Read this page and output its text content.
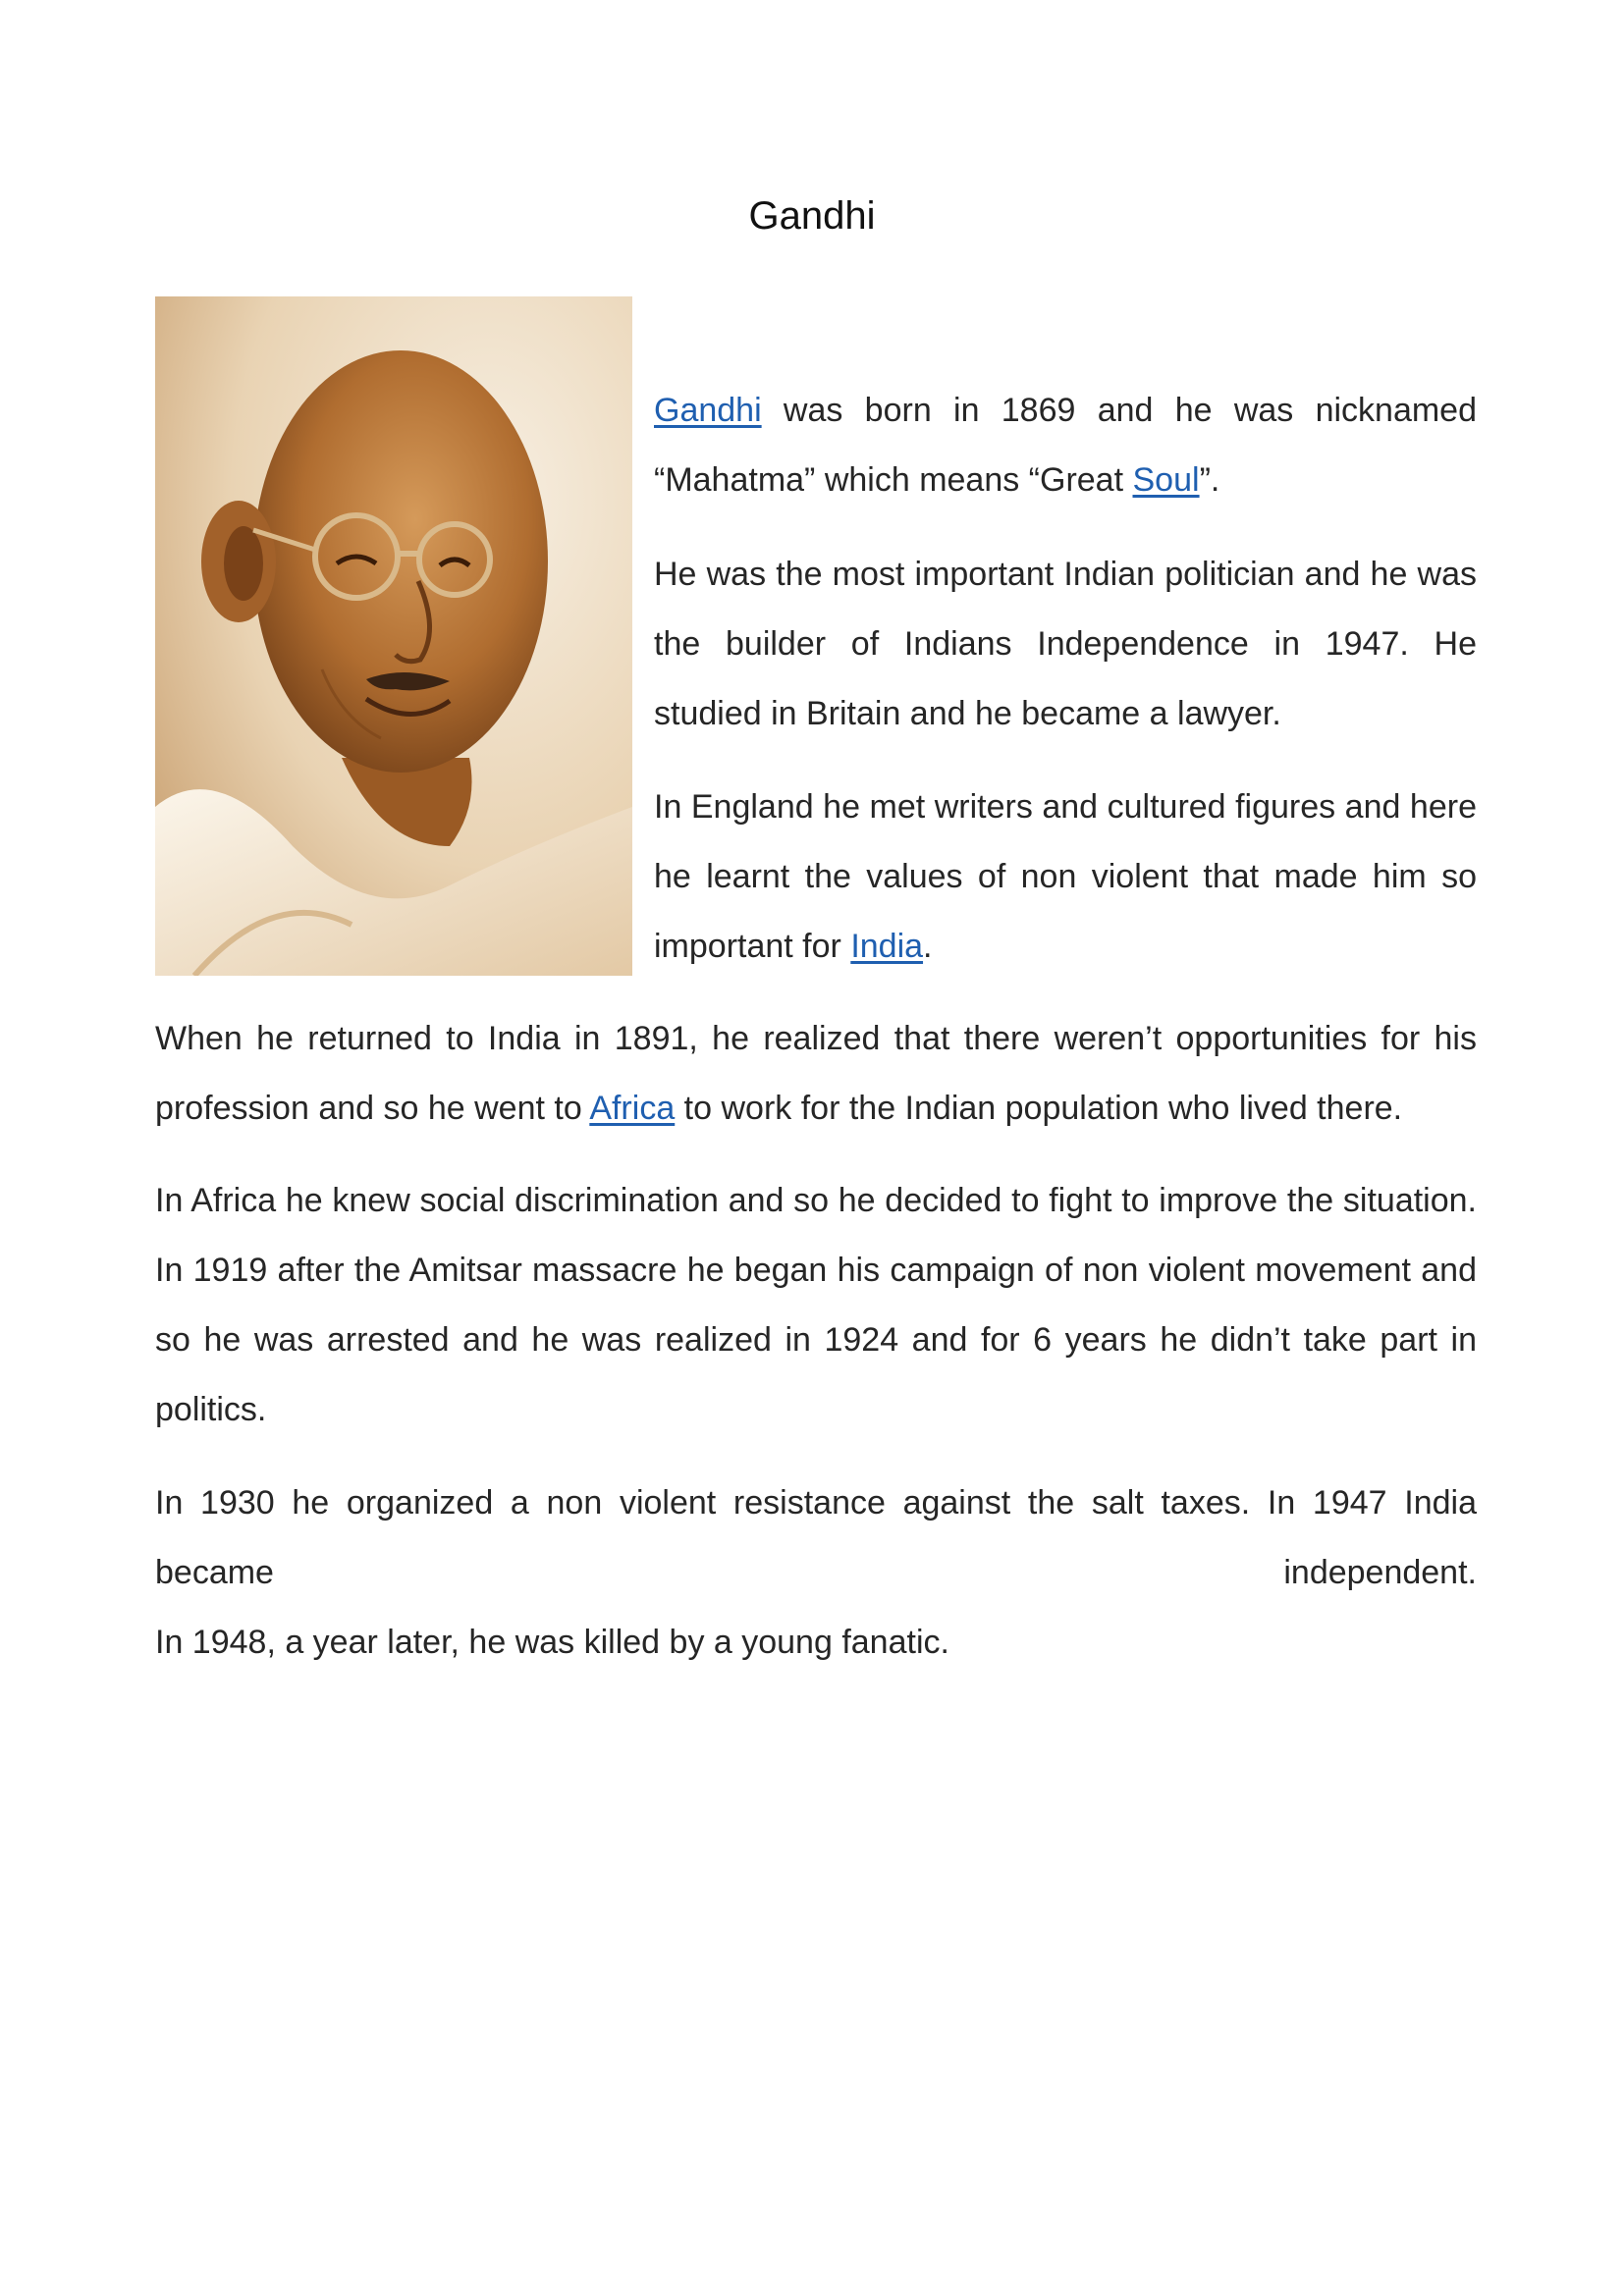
Gandhi

Gandhi was born in 1869 and he was nicknamed “Mahatma” which means “Great Soul”.

He was the most important Indian politician and he was the builder of Indians Independence in 1947. He studied in Britain and he became a lawyer.

In England he met writers and cultured figures and here he learnt the values of non violent that made him so important for India.

When he returned to India in 1891, he realized that there weren’t opportunities for his profession and so he went to Africa to work for the Indian population who lived there.

In Africa he knew social discrimination and so he decided to fight to improve the situation. In 1919 after the Amitsar massacre he began his campaign of non violent movement and so he was arrested and he was realized in 1924 and for 6 years he didn’t take part in politics.

In 1930 he organized a non violent resistance against the salt taxes. In 1947 India became independent.
In 1948, a year later, he was killed by a young fanatic.
